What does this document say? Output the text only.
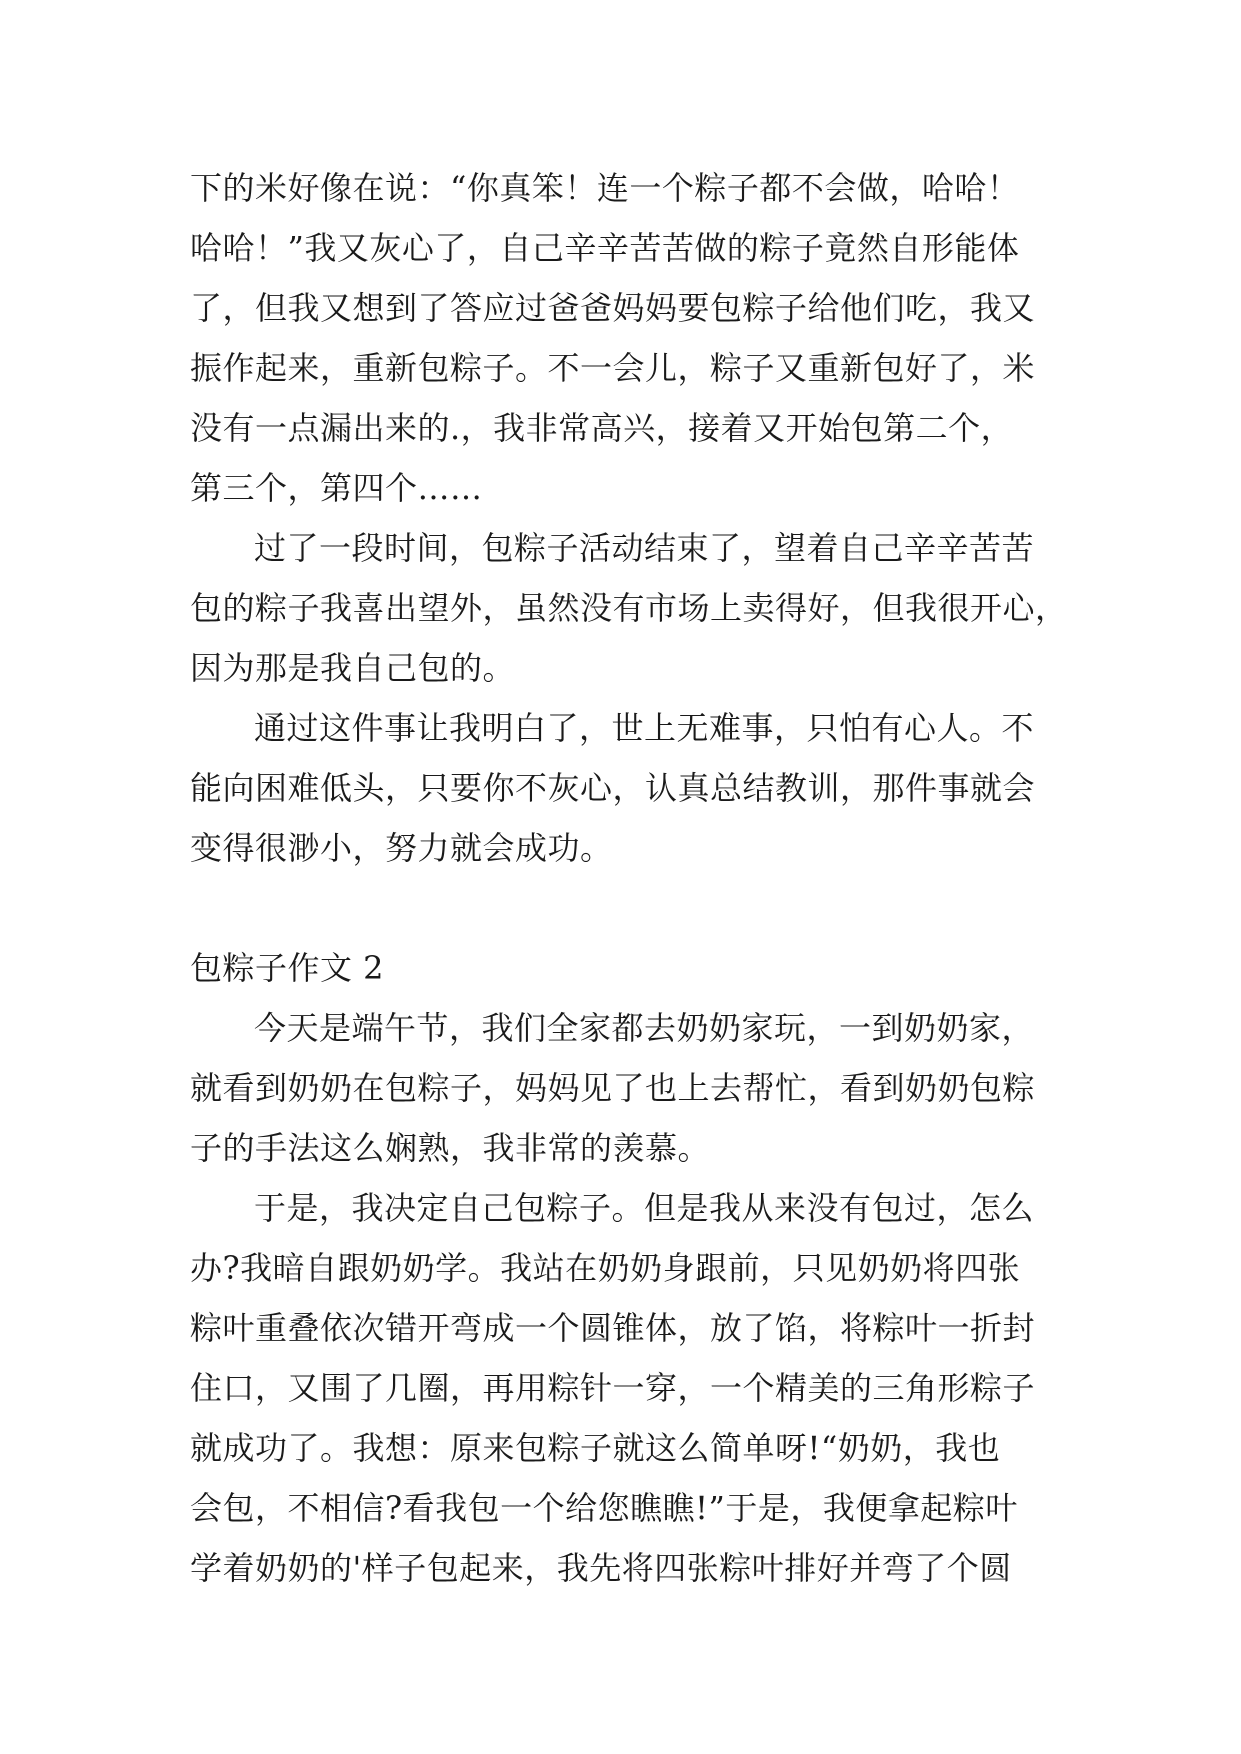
下的米好像在说：“你真笨！连一个粽子都不会做，哈哈！
哈哈！”我又灰心了，自己辛辛苦苦做的粽子竟然自形能体
了，但我又想到了答应过爸爸妈妈要包粽子给他们吃，我又
振作起来，重新包粽子。不一会儿，粽子又重新包好了，米
没有一点漏出来的.，我非常高兴，接着又开始包第二个，
第三个，第四个……
过了一段时间，包粽子活动结束了，望着自己辛辛苦苦
包的粽子我喜出望外，虽然没有市场上卖得好，但我很开心，
因为那是我自己包的。
通过这件事让我明白了，世上无难事，只怕有心人。不
能向困难低头，只要你不灰心，认真总结教训，那件事就会
变得很渺小，努力就会成功。
包粽子作文 2
今天是端午节，我们全家都去奶奶家玩，一到奶奶家，
就看到奶奶在包粽子，妈妈见了也上去帮忙，看到奶奶包粽
子的手法这么娴熟，我非常的羡慕。
于是，我决定自己包粽子。但是我从来没有包过，怎么
办?我暗自跟奶奶学。我站在奶奶身跟前，只见奶奶将四张
粽叶重叠依次错开弯成一个圆锥体，放了馅，将粽叶一折封
住口，又围了几圈，再用粽针一穿，一个精美的三角形粽子
就成功了。我想：原来包粽子就这么简单呀!“奶奶，我也
会包，不相信?看我包一个给您瞧瞧!”于是，我便拿起粽叶
学着奶奶的'样子包起来，我先将四张粽叶排好并弯了个圆
